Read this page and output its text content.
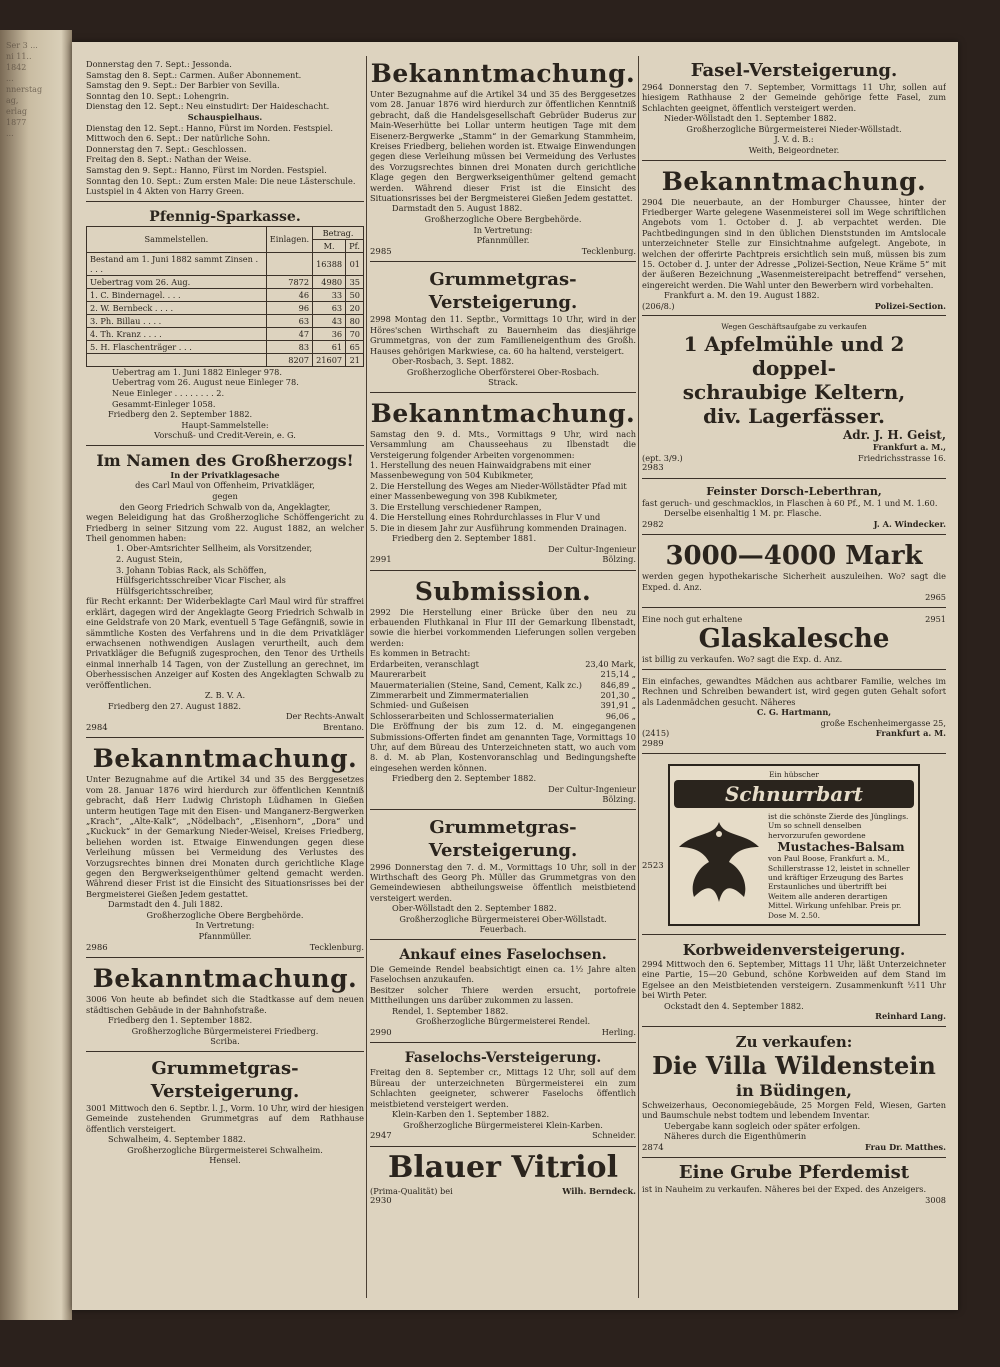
Ser 3 ...
ni 11..
1842
...
nnerstag
ag,
erlag
1877
...
Donnerstag den 7. Sept.: Jessonda.
Samstag den 8. Sept.: Carmen. Außer Abonnement.
Samstag den 9. Sept.: Der Barbier von Sevilla.
Sonntag den 10. Sept.: Lohengrin.
Dienstag den 12. Sept.: Neu einstudirt: Der Haideschacht.
Schauspielhaus.
Dienstag den 12. Sept.: Hanno, Fürst im Norden. Festspiel.
Mittwoch den 6. Sept.: Der natürliche Sohn.
Donnerstag den 7. Sept.: Geschlossen.
Freitag den 8. Sept.: Nathan der Weise.
Samstag den 9. Sept.: Hanno, Fürst im Norden. Festspiel.
Sonntag den 10. Sept.: Zum ersten Male: Die neue Lästerschule. Lustspiel in 4 Akten von Harry Green.
Pfennig-Sparkasse.
Sammelstellen.	Einlagen.	Betrag.	
		M.	Pf.
Bestand am 1. Juni 1882 sammt Zinsen . . . .		16388	01
Uebertrag vom 26. Aug.	7872	4980	35
1. C. Bindernagel. . . .	46	33	50
2. W. Bernbeck . . . .	96	63	20
3. Ph. Billau . . . .	63	43	80
4. Th. Kranz . . . .	47	36	70
5. H. Flaschenträger . . .	83	61	65
	8207	21607	21
Uebertrag am 1. Juni 1882 Einleger 978.
Uebertrag vom 26. August neue Einleger 78.
Neue Einleger . . . . . . . . 2.
Gesammt-Einleger 1058.
Friedberg den 2. September 1882.
Haupt-Sammelstelle:
Vorschuß- und Credit-Verein, e. G.
Im Namen des Großherzogs!
In der Privatklagesache
des Carl Maul von Offenheim, Privatkläger,
gegen
den Georg Friedrich Schwalb von da, Angeklagter,
wegen Beleidigung hat das Großherzogliche Schöffengericht zu Friedberg in seiner Sitzung vom 22. August 1882, an welcher Theil genommen haben:
1. Ober-Amtsrichter Sellheim, als Vorsitzender,
2. August Stein,
3. Johann Tobias Rack, als Schöffen,
Hülfsgerichtsschreiber Vicar Fischer, als Hülfsgerichtsschreiber,
für Recht erkannt: Der Widerbeklagte Carl Maul wird für straffrei erklärt, dagegen wird der Angeklagte Georg Friedrich Schwalb in eine Geldstrafe von 20 Mark, eventuell 5 Tage Gefängniß, sowie in sämmtliche Kosten des Verfahrens und in die dem Privatkläger erwachsenen nothwendigen Auslagen verurtheilt, auch dem Privatkläger die Befugniß zugesprochen, den Tenor des Urtheils einmal innerhalb 14 Tagen, von der Zustellung an gerechnet, im Oberhessischen Anzeiger auf Kosten des Angeklagten Schwalb zu veröffentlichen.
Z. B. V. A.
Friedberg den 27. August 1882.
Der Rechts-Anwalt
2984	Brentano.
Bekanntmachung.
Unter Bezugnahme auf die Artikel 34 und 35 des Berggesetzes vom 28. Januar 1876 wird hierdurch zur öffentlichen Kenntniß gebracht, daß Herr Ludwig Christoph Lüdhamen in Gießen unterm heutigen Tage mit den Eisen- und Manganerz-Bergwerken „Krach“, „Alte-Kalk“, „Nödelbach“, „Eisenhorn“, „Dora“ und „Kuckuck“ in der Gemarkung Nieder-Weisel, Kreises Friedberg, beliehen worden ist. Etwaige Einwendungen gegen diese Verleihung müssen bei Vermeidung des Verlustes des Vorzugsrechtes binnen drei Monaten durch gerichtliche Klage gegen den Bergwerkseigenthümer geltend gemacht werden. Während dieser Frist ist die Einsicht des Situationsrisses bei der Bergmeisterei Gießen Jedem gestattet.
Darmstadt den 4. Juli 1882.
Großherzogliche Obere Bergbehörde.
In Vertretung:
Pfannmüller.
2986	Tecklenburg.
Bekanntmachung.
3006 Von heute ab befindet sich die Stadtkasse auf dem neuen städtischen Gebäude in der Bahnhofstraße.
Friedberg den 1. September 1882.
Großherzogliche Bürgermeisterei Friedberg.
Scriba.
Grummetgras-Versteigerung.
3001 Mittwoch den 6. Septbr. l. J., Vorm. 10 Uhr, wird der hiesigen Gemeinde zustehenden Grummetgras auf dem Rathhause öffentlich versteigert.
Schwalheim, 4. September 1882.
Großherzogliche Bürgermeisterei Schwalheim.
Hensel.
Bekanntmachung.
Unter Bezugnahme auf die Artikel 34 und 35 des Berggesetzes vom 28. Januar 1876 wird hierdurch zur öffentlichen Kenntniß gebracht, daß die Handelsgesellschaft Gebrüder Buderus zur Main-Weserhütte bei Lollar unterm heutigen Tage mit dem Eisenerz-Bergwerke „Stamm“ in der Gemarkung Stammheim, Kreises Friedberg, beliehen worden ist. Etwaige Einwendungen gegen diese Verleihung müssen bei Vermeidung des Verlustes des Vorzugsrechtes binnen drei Monaten durch gerichtliche Klage gegen den Bergwerkseigenthümer geltend gemacht werden. Während dieser Frist ist die Einsicht des Situationsrisses bei der Bergmeisterei Gießen Jedem gestattet.
Darmstadt den 5. August 1882.
Großherzogliche Obere Bergbehörde.
In Vertretung:
Pfannmüller.
2985	Tecklenburg.
Grummetgras-Versteigerung.
2998 Montag den 11. Septbr., Vormittags 10 Uhr, wird in der Höres'schen Wirthschaft zu Bauernheim das diesjährige Grummetgras, von der zum Familieneigenthum des Großh. Hauses gehörigen Markwiese, ca. 60 ha haltend, versteigert.
Ober-Rosbach, 3. Sept. 1882.
Großherzogliche Oberförsterei Ober-Rosbach.
Strack.
Bekanntmachung.
Samstag den 9. d. Mts., Vormittags 9 Uhr, wird nach Versammlung am Chausseehaus zu Ilbenstadt die Versteigerung folgender Arbeiten vorgenommen:
1. Herstellung des neuen Hainwaidgrabens mit einer Massenbewegung von 504 Kubikmeter,
2. Die Herstellung des Weges am Nieder-Wöllstädter Pfad mit einer Massenbewegung von 398 Kubikmeter,
3. Die Erstellung verschiedener Rampen,
4. Die Herstellung eines Rohrdurchlasses in Flur V und
5. Die in diesem Jahr zur Ausführung kommenden Drainagen.
Friedberg den 2. September 1881.
Der Cultur-Ingenieur
2991	Bölzing.
Submission.
2992 Die Herstellung einer Brücke über den neu zu erbauenden Fluthkanal in Flur III der Gemarkung Ilbenstadt, sowie die hierbei vorkommenden Lieferungen sollen vergeben werden:
Es kommen in Betracht:
Erdarbeiten, veranschlagt	23,40 Mark,
Maurerarbeit	215,14 „
Mauermaterialien (Steine, Sand, Cement, Kalk zc.) 846,89 „
Zimmerarbeit und Zimmermaterialien	201,30 „
Schmied- und Gußeisen	391,91 „
Schlosserarbeiten und Schlossermaterialien	96,06 „
Die Eröffnung der bis zum 12. d. M. eingegangenen Submissions-Offerten findet am genannten Tage, Vormittags 10 Uhr, auf dem Büreau des Unterzeichneten statt, wo auch vom 8. d. M. ab Plan, Kostenvoranschlag und Bedingungshefte eingesehen werden können.
Friedberg den 2. September 1882.
Der Cultur-Ingenieur
Bölzing.
Grummetgras-Versteigerung.
2996 Donnerstag den 7. d. M., Vormittags 10 Uhr, soll in der Wirthschaft des Georg Ph. Müller das Grummetgras von den Gemeindewiesen abtheilungsweise öffentlich meistbietend versteigert werden.
Ober-Wöllstadt den 2. September 1882.
Großherzogliche Bürgermeisterei Ober-Wöllstadt.
Feuerbach.
Ankauf eines Faselochsen.
Die Gemeinde Rendel beabsichtigt einen ca. 1½ Jahre alten Faselochsen anzukaufen.
Besitzer solcher Thiere werden ersucht, portofreie Mittheilungen uns darüber zukommen zu lassen.
Rendel, 1. September 1882.
Großherzogliche Bürgermeisterei Rendel.
2990	Herling.
Faselochs-Versteigerung.
Freitag den 8. September cr., Mittags 12 Uhr, soll auf dem Büreau der unterzeichneten Bürgermeisterei ein zum Schlachten geeigneter, schwerer Faselochs öffentlich meistbietend versteigert werden.
Klein-Karben den 1. September 1882.
Großherzogliche Bürgermeisterei Klein-Karben.
2947	Schneider.
Blauer Vitriol
(Prima-Qualität) bei	Wilh. Berndeck.
2930
Fasel-Versteigerung.
2964 Donnerstag den 7. September, Vormittags 11 Uhr, sollen auf hiesigem Rathhause 2 der Gemeinde gehörige fette Fasel, zum Schlachten geeignet, öffentlich versteigert werden.
Nieder-Wöllstadt den 1. September 1882.
Großherzogliche Bürgermeisterei Nieder-Wöllstadt.
J. V. d. B.:
Weith, Beigeordneter.
Bekanntmachung.
2904 Die neuerbaute, an der Homburger Chaussee, hinter der Friedberger Warte gelegene Wasenmeisterei soll im Wege schriftlichen Angebots vom 1. October d. J. ab verpachtet werden. Die Pachtbedingungen sind in den üblichen Dienststunden im Amtslocale unterzeichneter Stelle zur Einsichtnahme aufgelegt. Angebote, in welchen der offerirte Pachtpreis ersichtlich sein muß, müssen bis zum 15. October d. J. unter der Adresse „Polizei-Section, Neue Kräme 5“ mit der äußeren Bezeichnung „Wasenmeistereipacht betreffend“ versehen, eingereicht werden. Die Wahl unter den Bewerbern wird vorbehalten.
Frankfurt a. M. den 19. August 1882.
(206/8.)	Polizei-Section.
Wegen Geschäftsaufgabe zu verkaufen
1 Apfelmühle und 2 doppel-
schraubige Keltern,
div. Lagerfässer.
Adr. J. H. Geist,
Frankfurt a. M.,
(ept. 3/9.)	Friedrichsstrasse 16.
2983
Feinster Dorsch-Leberthran,
fast geruch- und geschmacklos, in Flaschen à 60 Pf., M. 1 und M. 1.60.
Derselbe eisenhaltig 1 M. pr. Flasche.
2982	J. A. Windecker.
3000—4000 Mark
werden gegen hypothekarische Sicherheit auszuleihen. Wo? sagt die Exped. d. Anz.
2965
Eine noch gut erhaltene	2951
Glaskalesche
ist billig zu verkaufen. Wo? sagt die Exp. d. Anz.
Ein einfaches, gewandtes Mädchen aus achtbarer Familie, welches im Rechnen und Schreiben bewandert ist, wird gegen guten Gehalt sofort als Ladenmädchen gesucht. Näheres
C. G. Hartmann,
große Eschenheimergasse 25,
(2415)	Frankfurt a. M.
2989
Ein hübscher
Schnurrbart
ist die schönste Zierde des Jünglings. Um so schnell denselben hervorzurufen gewordene
Mustaches-Balsam
von Paul Boose, Frankfurt a. M., Schillerstrasse 12, leistet in schneller und kräftiger Erzeugung des Bartes Erstaunliches und übertrifft bei Weitem alle anderen derartigen Mittel. Wirkung unfehlbar. Preis pr. Dose M. 2.50.
2523
Korbweidenversteigerung.
2994 Mittwoch den 6. September, Mittags 11 Uhr, läßt Unterzeichneter eine Partie, 15—20 Gebund, schöne Korbweiden auf dem Stand im Egelsee an den Meistbietenden versteigern. Zusammenkunft ½11 Uhr bei Wirth Peter.
Ockstadt den 4. September 1882.
Reinhard Lang.
Zu verkaufen:
Die Villa Wildenstein
in Büdingen,
Schweizerhaus, Oeconomiegebäude, 25 Morgen Feld, Wiesen, Garten und Baumschule nebst todtem und lebendem Inventar.
Uebergabe kann sogleich oder später erfolgen.
Näheres durch die Eigenthümerin
2874	Frau Dr. Matthes.
Eine Grube Pferdemist
ist in Nauheim zu verkaufen. Näheres bei der Exped. des Anzeigers.
3008
